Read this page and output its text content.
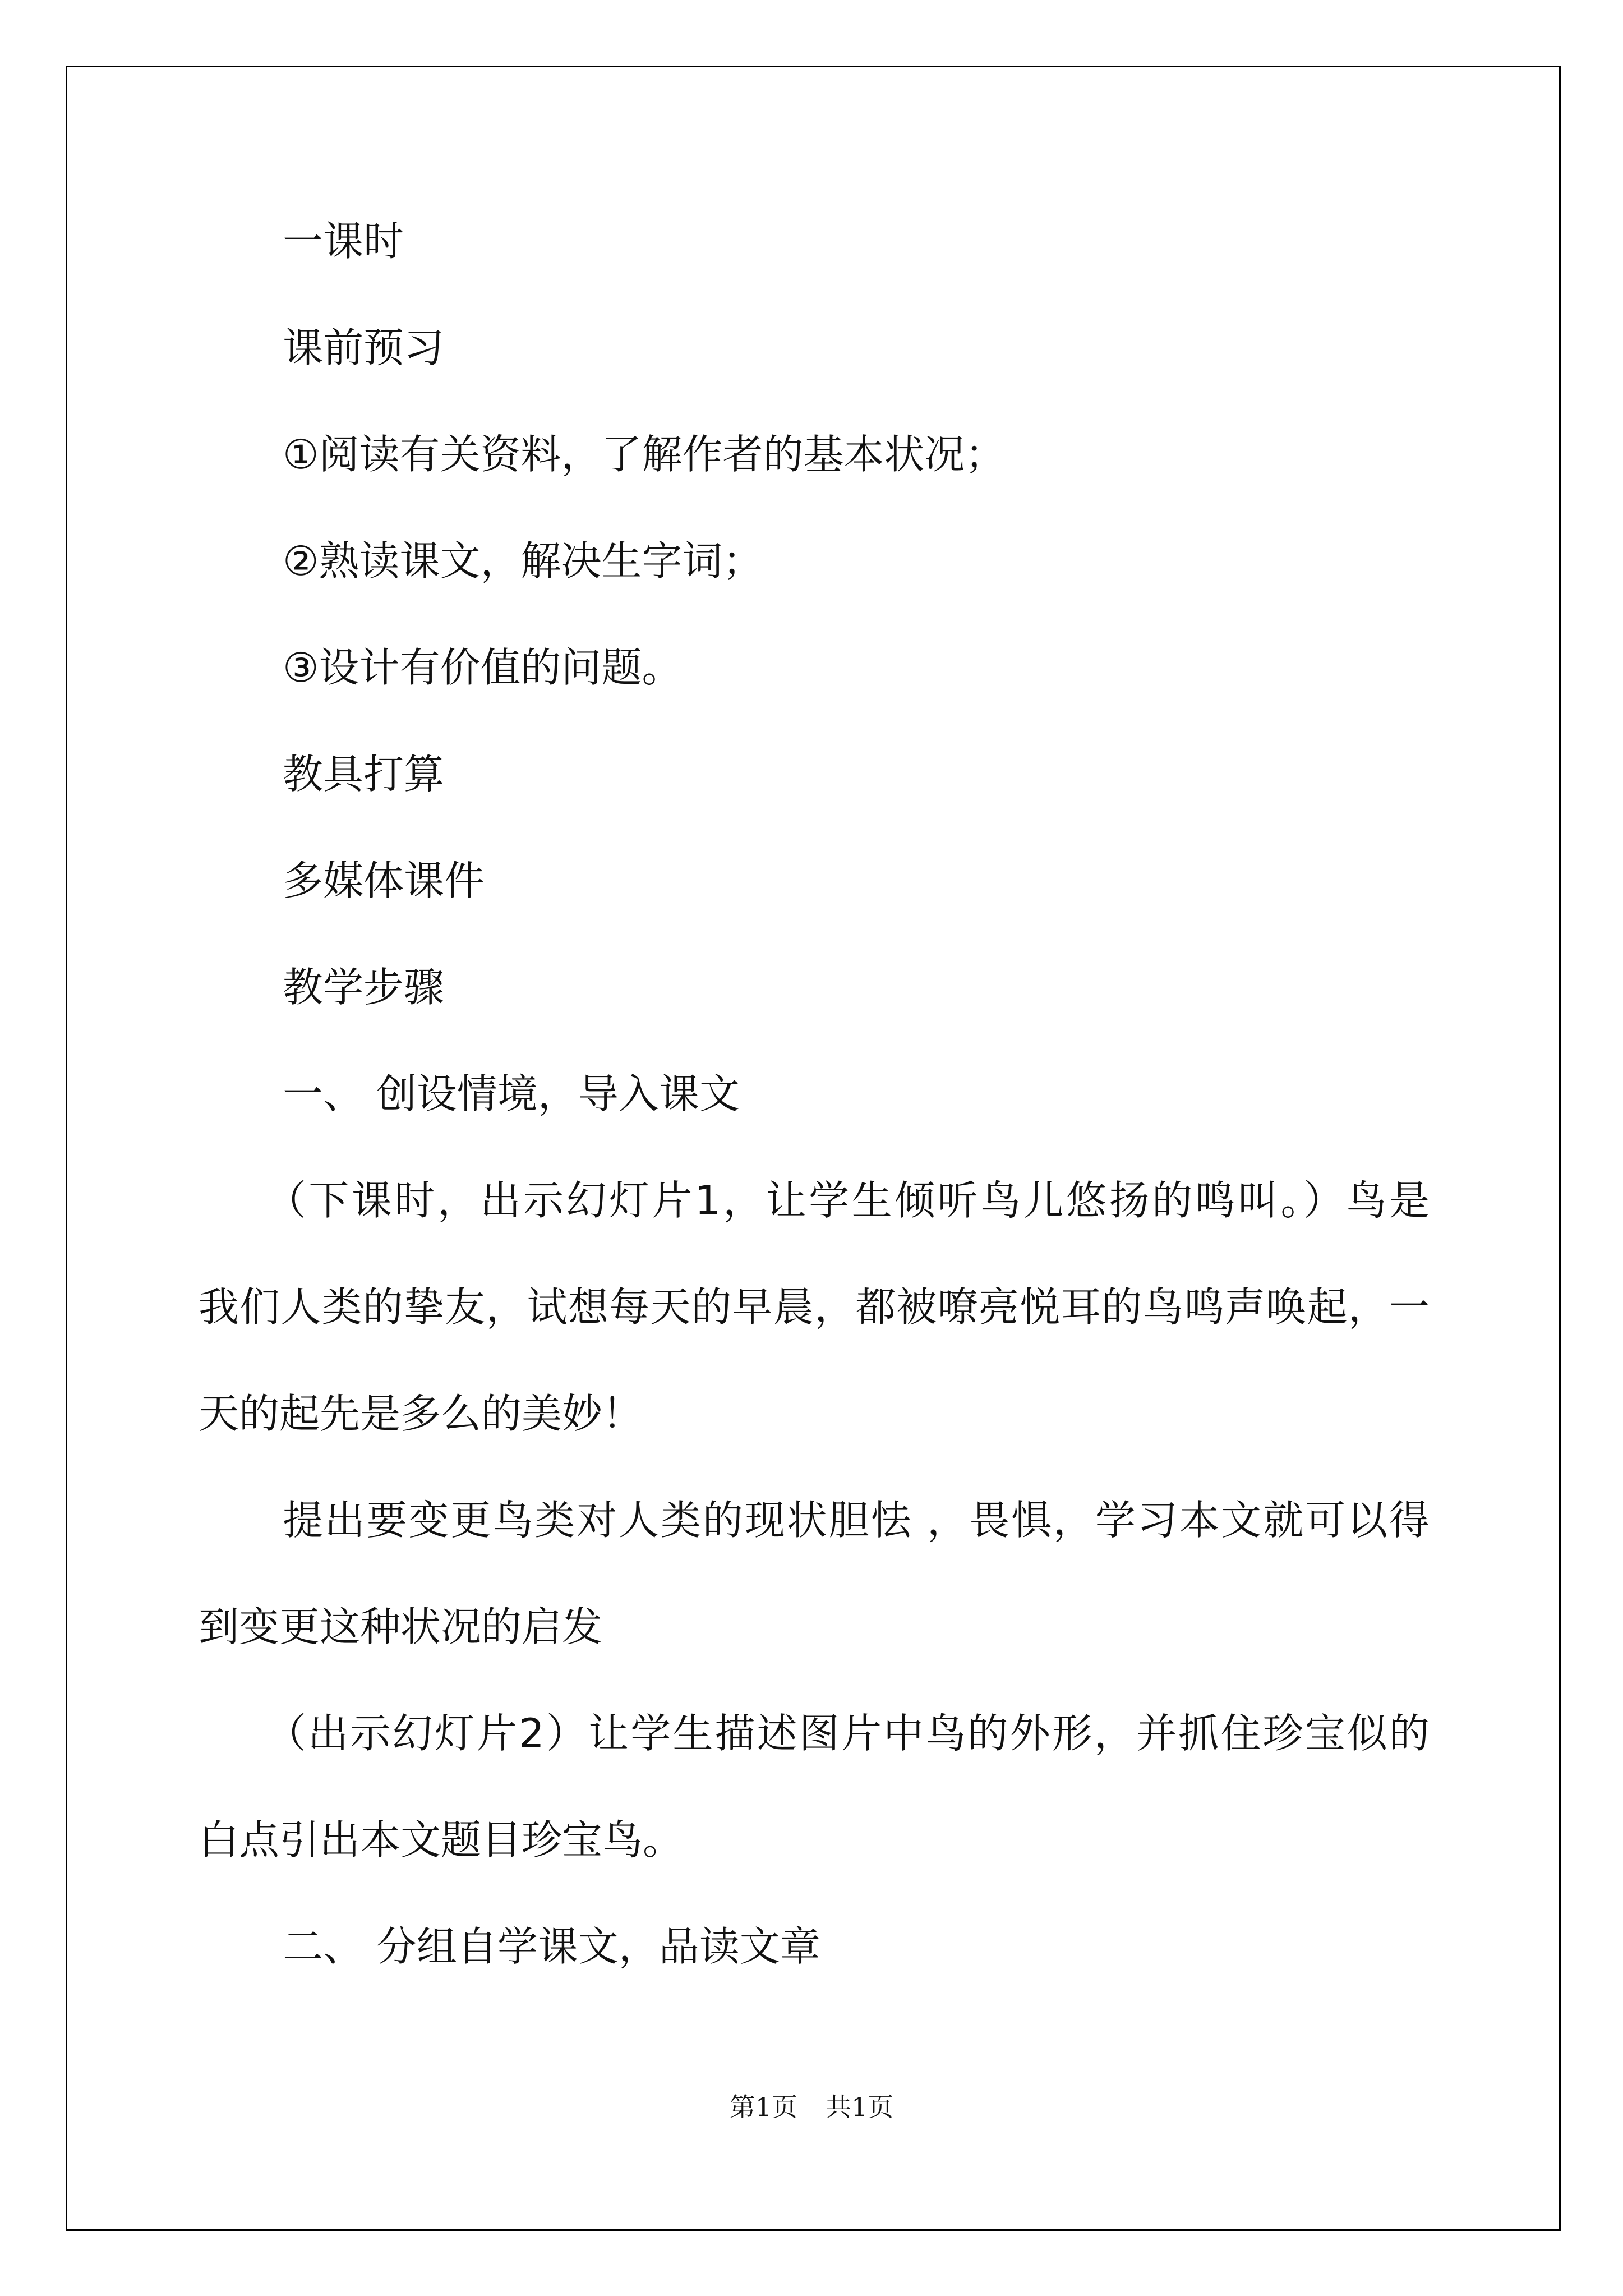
一课时
课前预习
①阅读有关资料，了解作者的基本状况；
②熟读课文，解决生字词；
③设计有价值的问题。
教具打算
多媒体课件
教学步骤
一、 创设情境，导入课文
（下课时，出示幻灯片1，让学生倾听鸟儿悠扬的鸣叫。）鸟是
我们人类的挚友，试想每天的早晨，都被嘹亮悦耳的鸟鸣声唤起，一
天的起先是多么的美妙！
提出要变更鸟类对人类的现状胆怯 ，畏惧，学习本文就可以得
到变更这种状况的启发
（出示幻灯片2）让学生描述图片中鸟的外形，并抓住珍宝似的
白点引出本文题目珍宝鸟。
二、 分组自学课文，品读文章
第1页 共1页
